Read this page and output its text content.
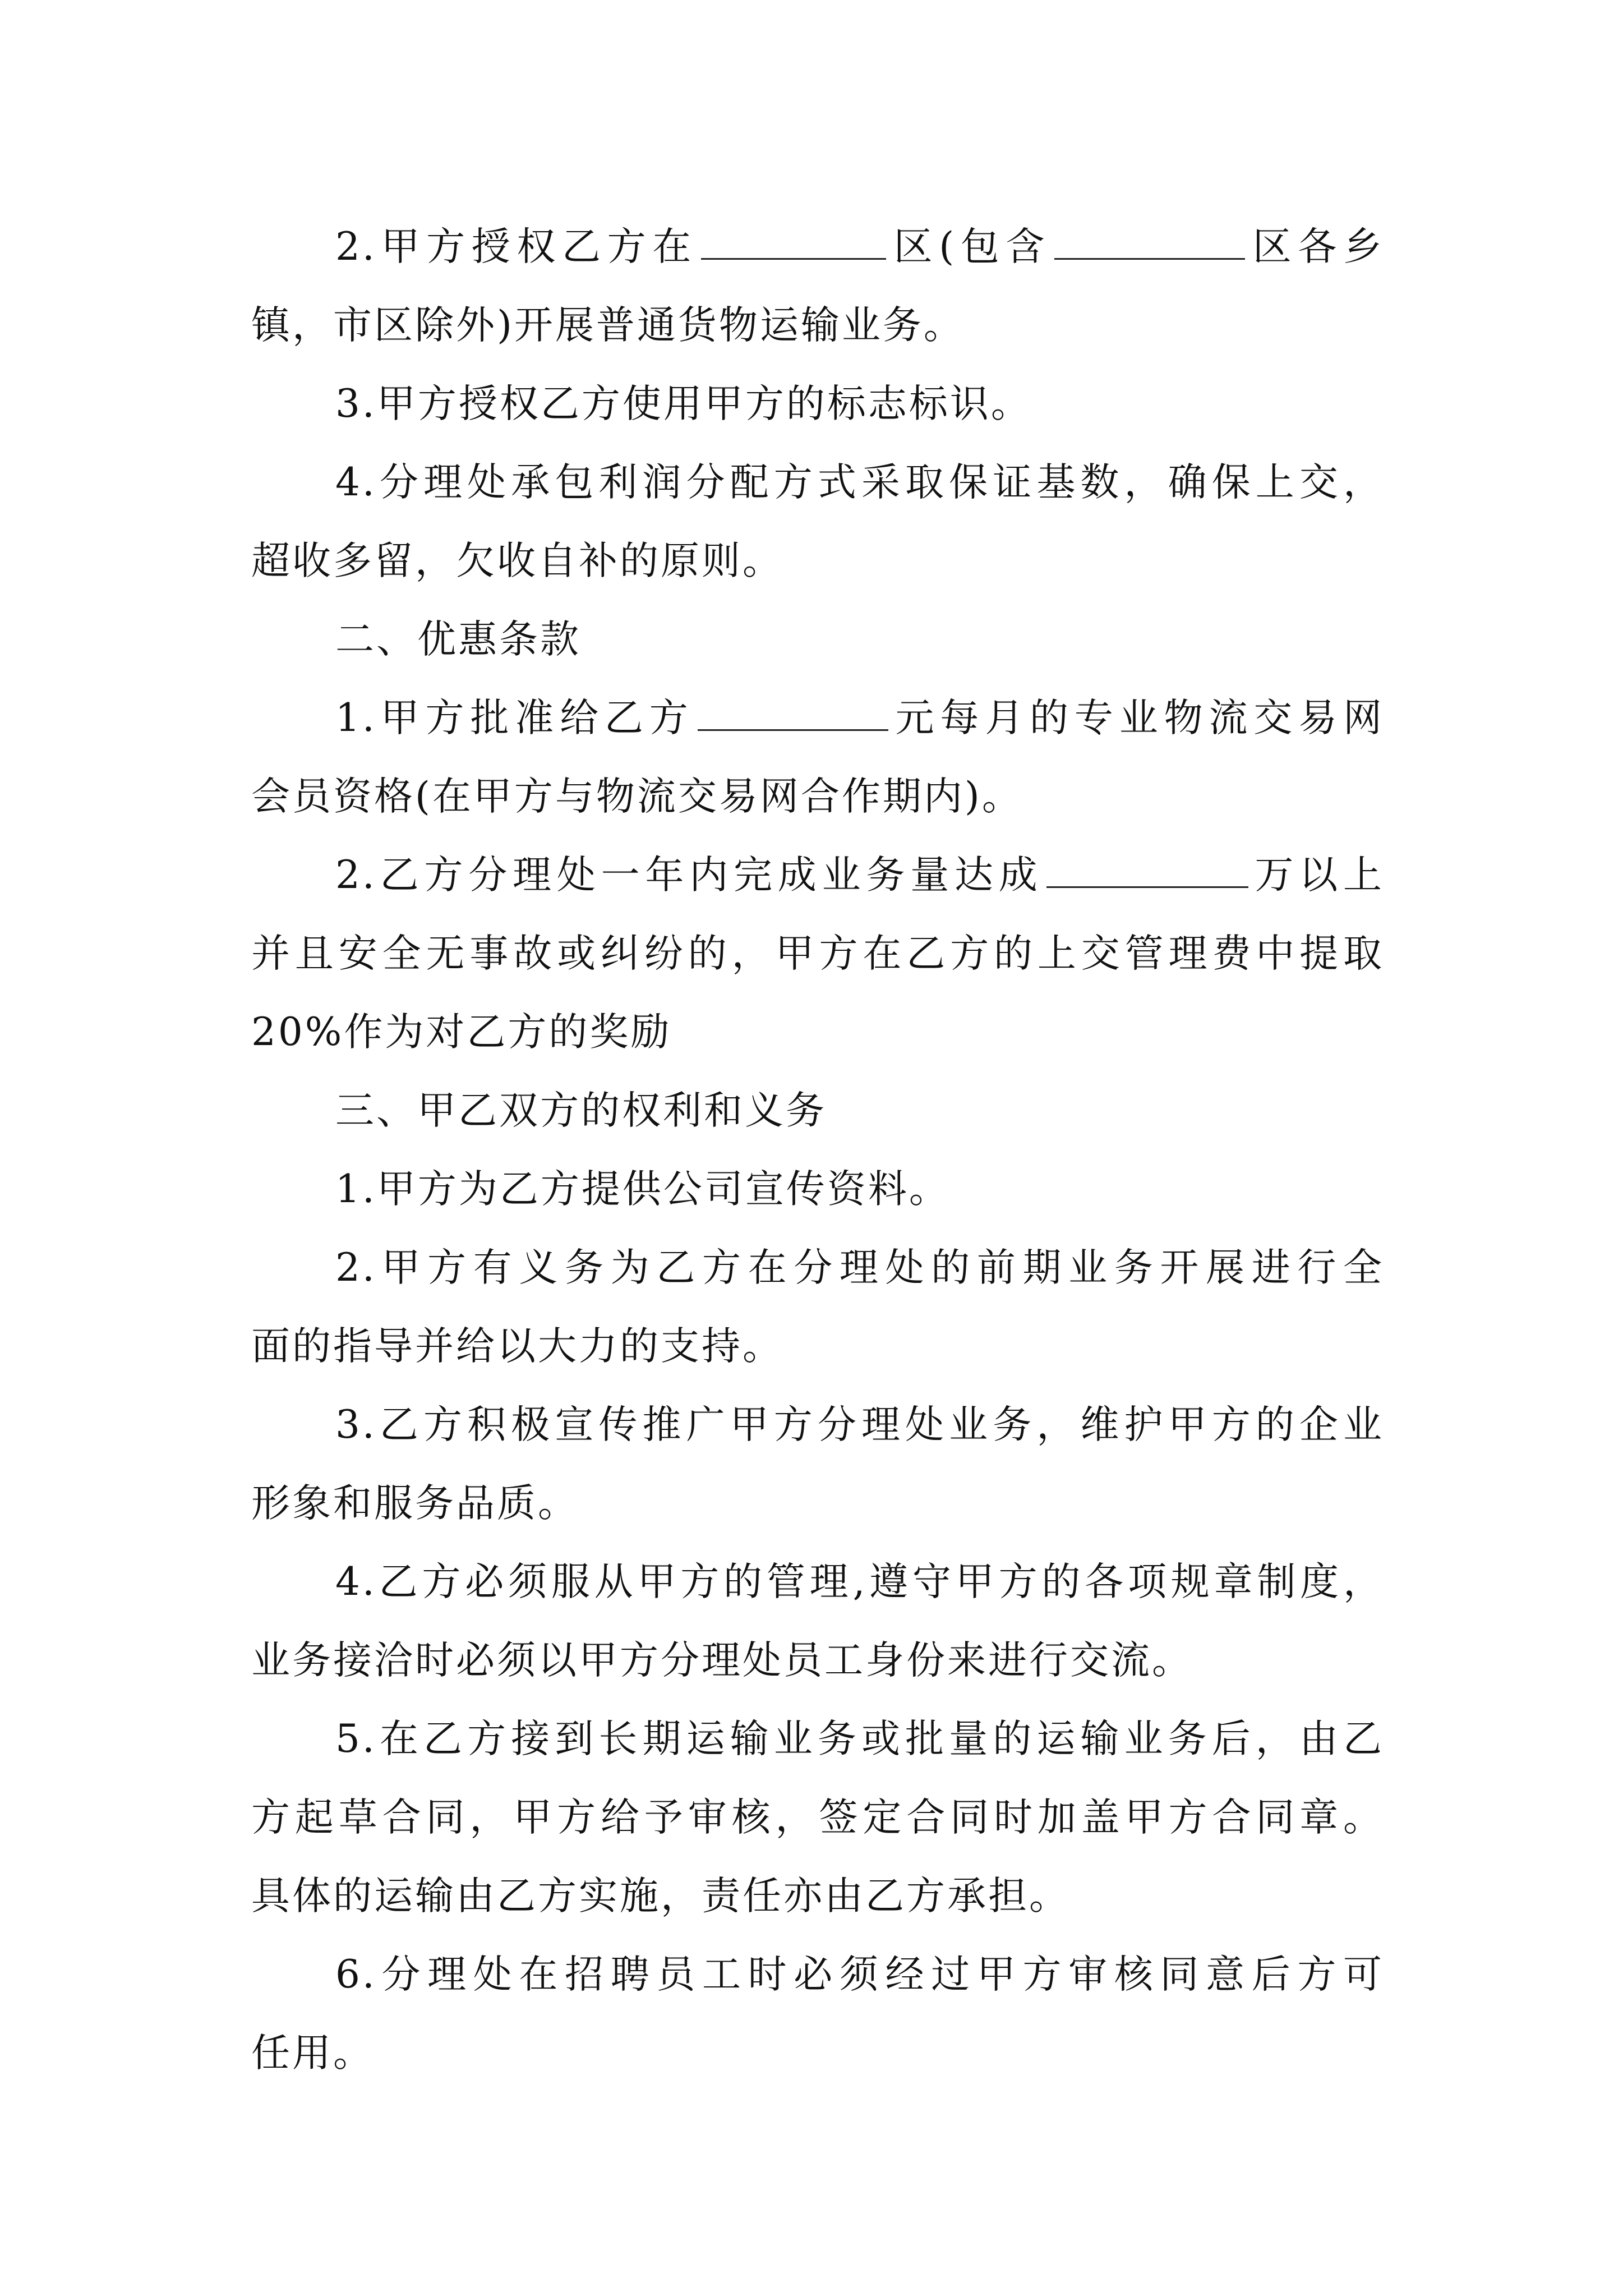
2.甲方授权乙方在	区(包含	区各乡
镇，市区除外)开展普通货物运输业务。
3.甲方授权乙方使用甲方的标志标识。
4.分理处承包利润分配方式采取保证基数，确保上交，
超收多留，欠收自补的原则。
二、优惠条款
1.甲方批准给乙方	元每月的专业物流交易网
会员资格(在甲方与物流交易网合作期内)。
2.乙方分理处一年内完成业务量达成	万以上
并且安全无事故或纠纷的，甲方在乙方的上交管理费中提取
20%作为对乙方的奖励
三、甲乙双方的权利和义务
1.甲方为乙方提供公司宣传资料。
2.甲方有义务为乙方在分理处的前期业务开展进行全
面的指导并给以大力的支持。
3.乙方积极宣传推广甲方分理处业务，维护甲方的企业
形象和服务品质。
4.乙方必须服从甲方的管理,遵守甲方的各项规章制度，
业务接洽时必须以甲方分理处员工身份来进行交流。
5.在乙方接到长期运输业务或批量的运输业务后，由乙
方起草合同，甲方给予审核，签定合同时加盖甲方合同章。
具体的运输由乙方实施，责任亦由乙方承担。
6.分理处在招聘员工时必须经过甲方审核同意后方可
任用。
